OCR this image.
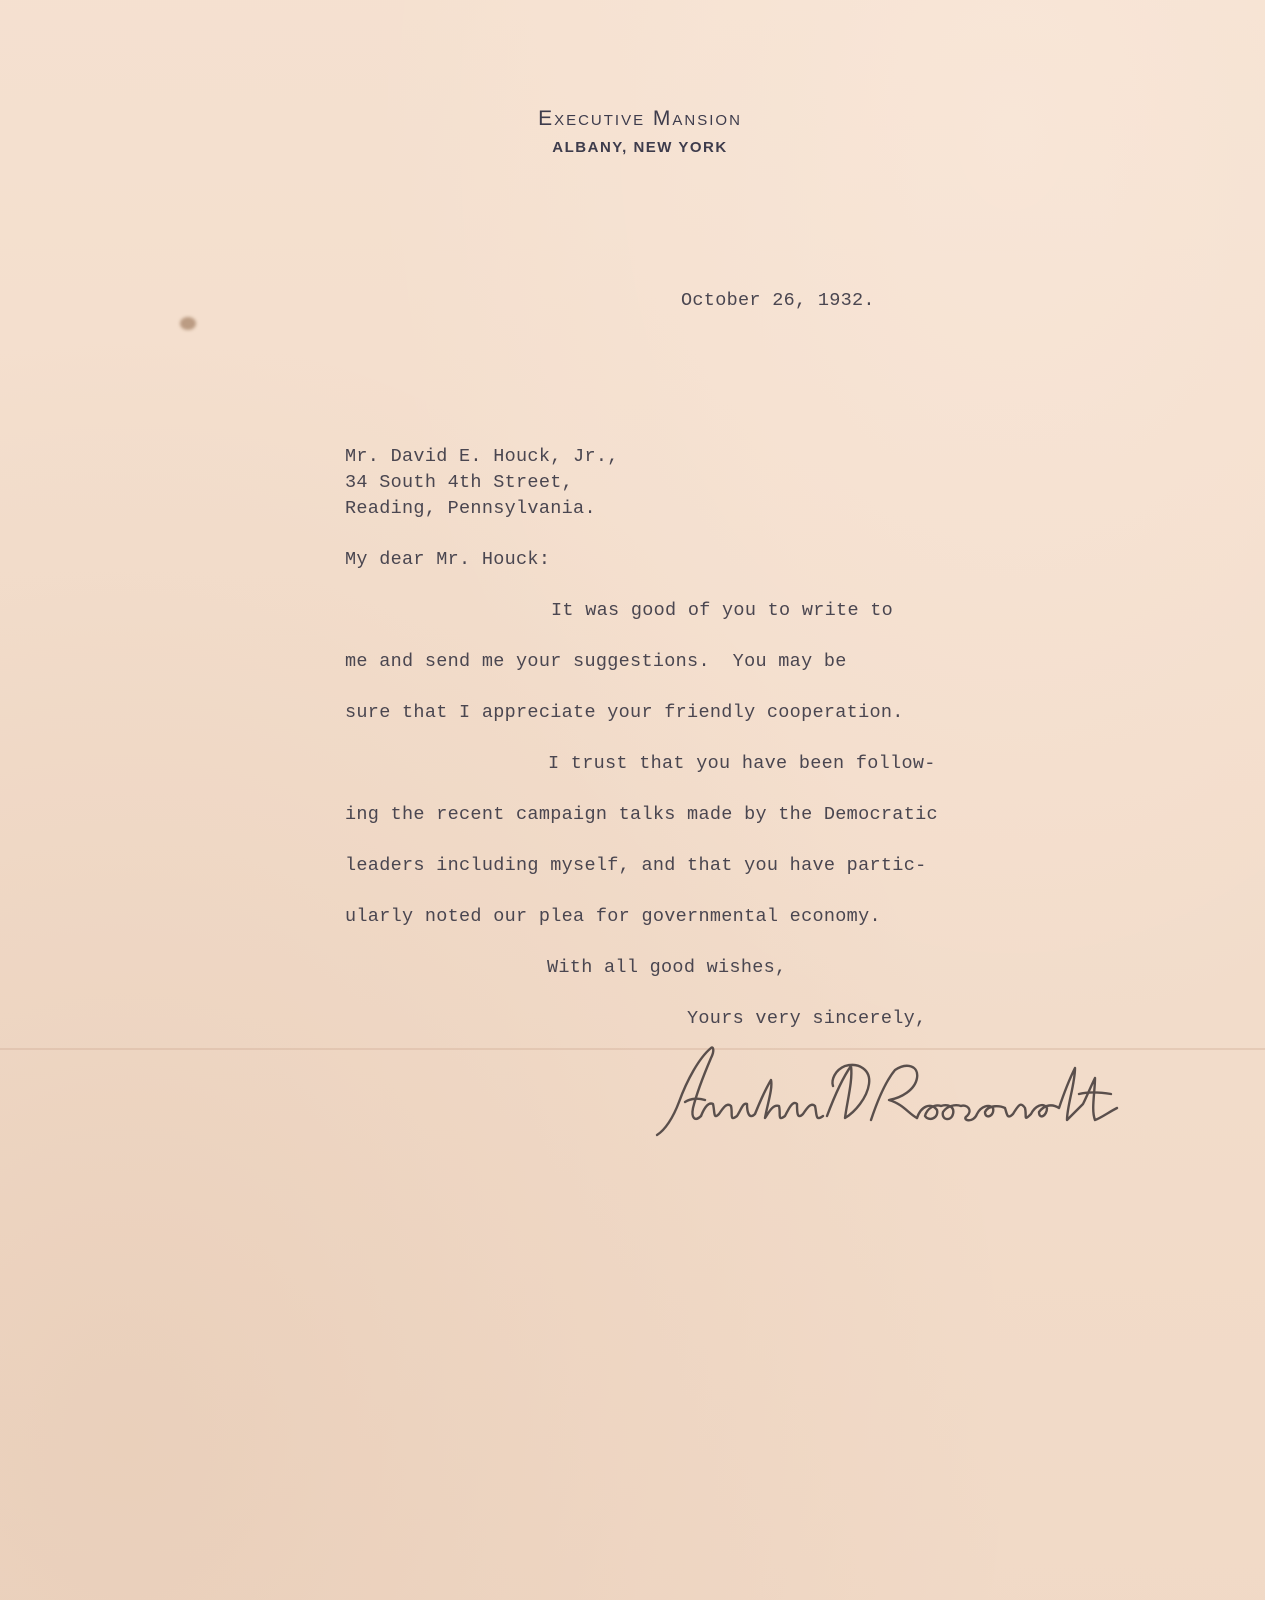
Executive Mansion
ALBANY, NEW YORK
October 26, 1932.
Mr. David E. Houck, Jr.,
34 South 4th Street,
Reading, Pennsylvania.
My dear Mr. Houck:
It was good of you to write to
me and send me your suggestions.  You may be
sure that I appreciate your friendly cooperation.
I trust that you have been follow-
ing the recent campaign talks made by the Democratic
leaders including myself, and that you have partic-
ularly noted our plea for governmental economy.
With all good wishes,
Yours very sincerely,
